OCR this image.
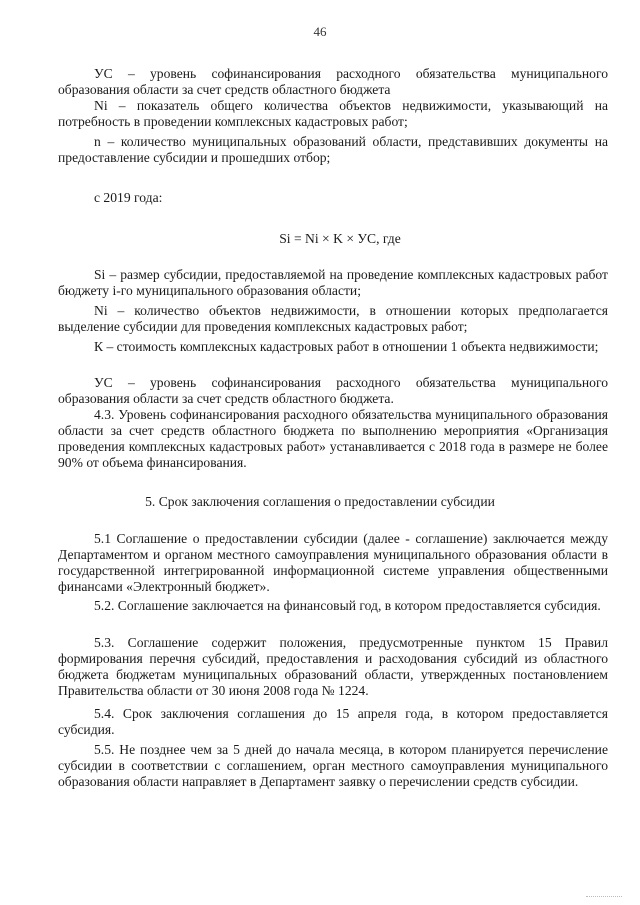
46

УС – уровень софинансирования расходного обязательства муниципального образования области за счет средств областного бюджета

Ni – показатель общего количества объектов недвижимости, указывающий на потребность в проведении комплексных кадастровых работ;

n – количество муниципальных образований области, представивших документы на предоставление субсидии и прошедших отбор;

с 2019 года:

Si = Ni × K × УС, где

Si – размер субсидии, предоставляемой на проведение комплексных кадастровых работ бюджету i-го муниципального образования области;

Ni – количество объектов недвижимости, в отношении которых предполагается выделение субсидии для проведения комплексных кадастровых работ;

К – стоимость комплексных кадастровых работ в отношении 1 объекта недвижимости;

УС – уровень софинансирования расходного обязательства муниципального образования области за счет средств областного бюджета.

4.3. Уровень софинансирования расходного обязательства муниципального образования области за счет средств областного бюджета по выполнению мероприятия «Организация проведения комплексных кадастровых работ» устанавливается с 2018 года в размере не более 90% от объема финансирования.

5. Срок заключения соглашения о предоставлении субсидии

5.1 Соглашение о предоставлении субсидии (далее - соглашение) заключается между Департаментом и органом местного самоуправления муниципального образования области в государственной интегрированной информационной системе управления общественными финансами «Электронный бюджет».

5.2. Соглашение заключается на финансовый год, в котором предоставляется субсидия.

5.3. Соглашение содержит положения, предусмотренные пунктом 15 Правил формирования перечня субсидий, предоставления и расходования субсидий из областного бюджета бюджетам муниципальных образований области, утвержденных постановлением Правительства области от 30 июня 2008 года № 1224.

5.4. Срок заключения соглашения до 15 апреля года, в котором предоставляется субсидия.

5.5. Не позднее чем за 5 дней до начала месяца, в котором планируется перечисление субсидии в соответствии с соглашением, орган местного самоуправления муниципального образования области направляет в Департамент заявку о перечислении средств субсидии.
